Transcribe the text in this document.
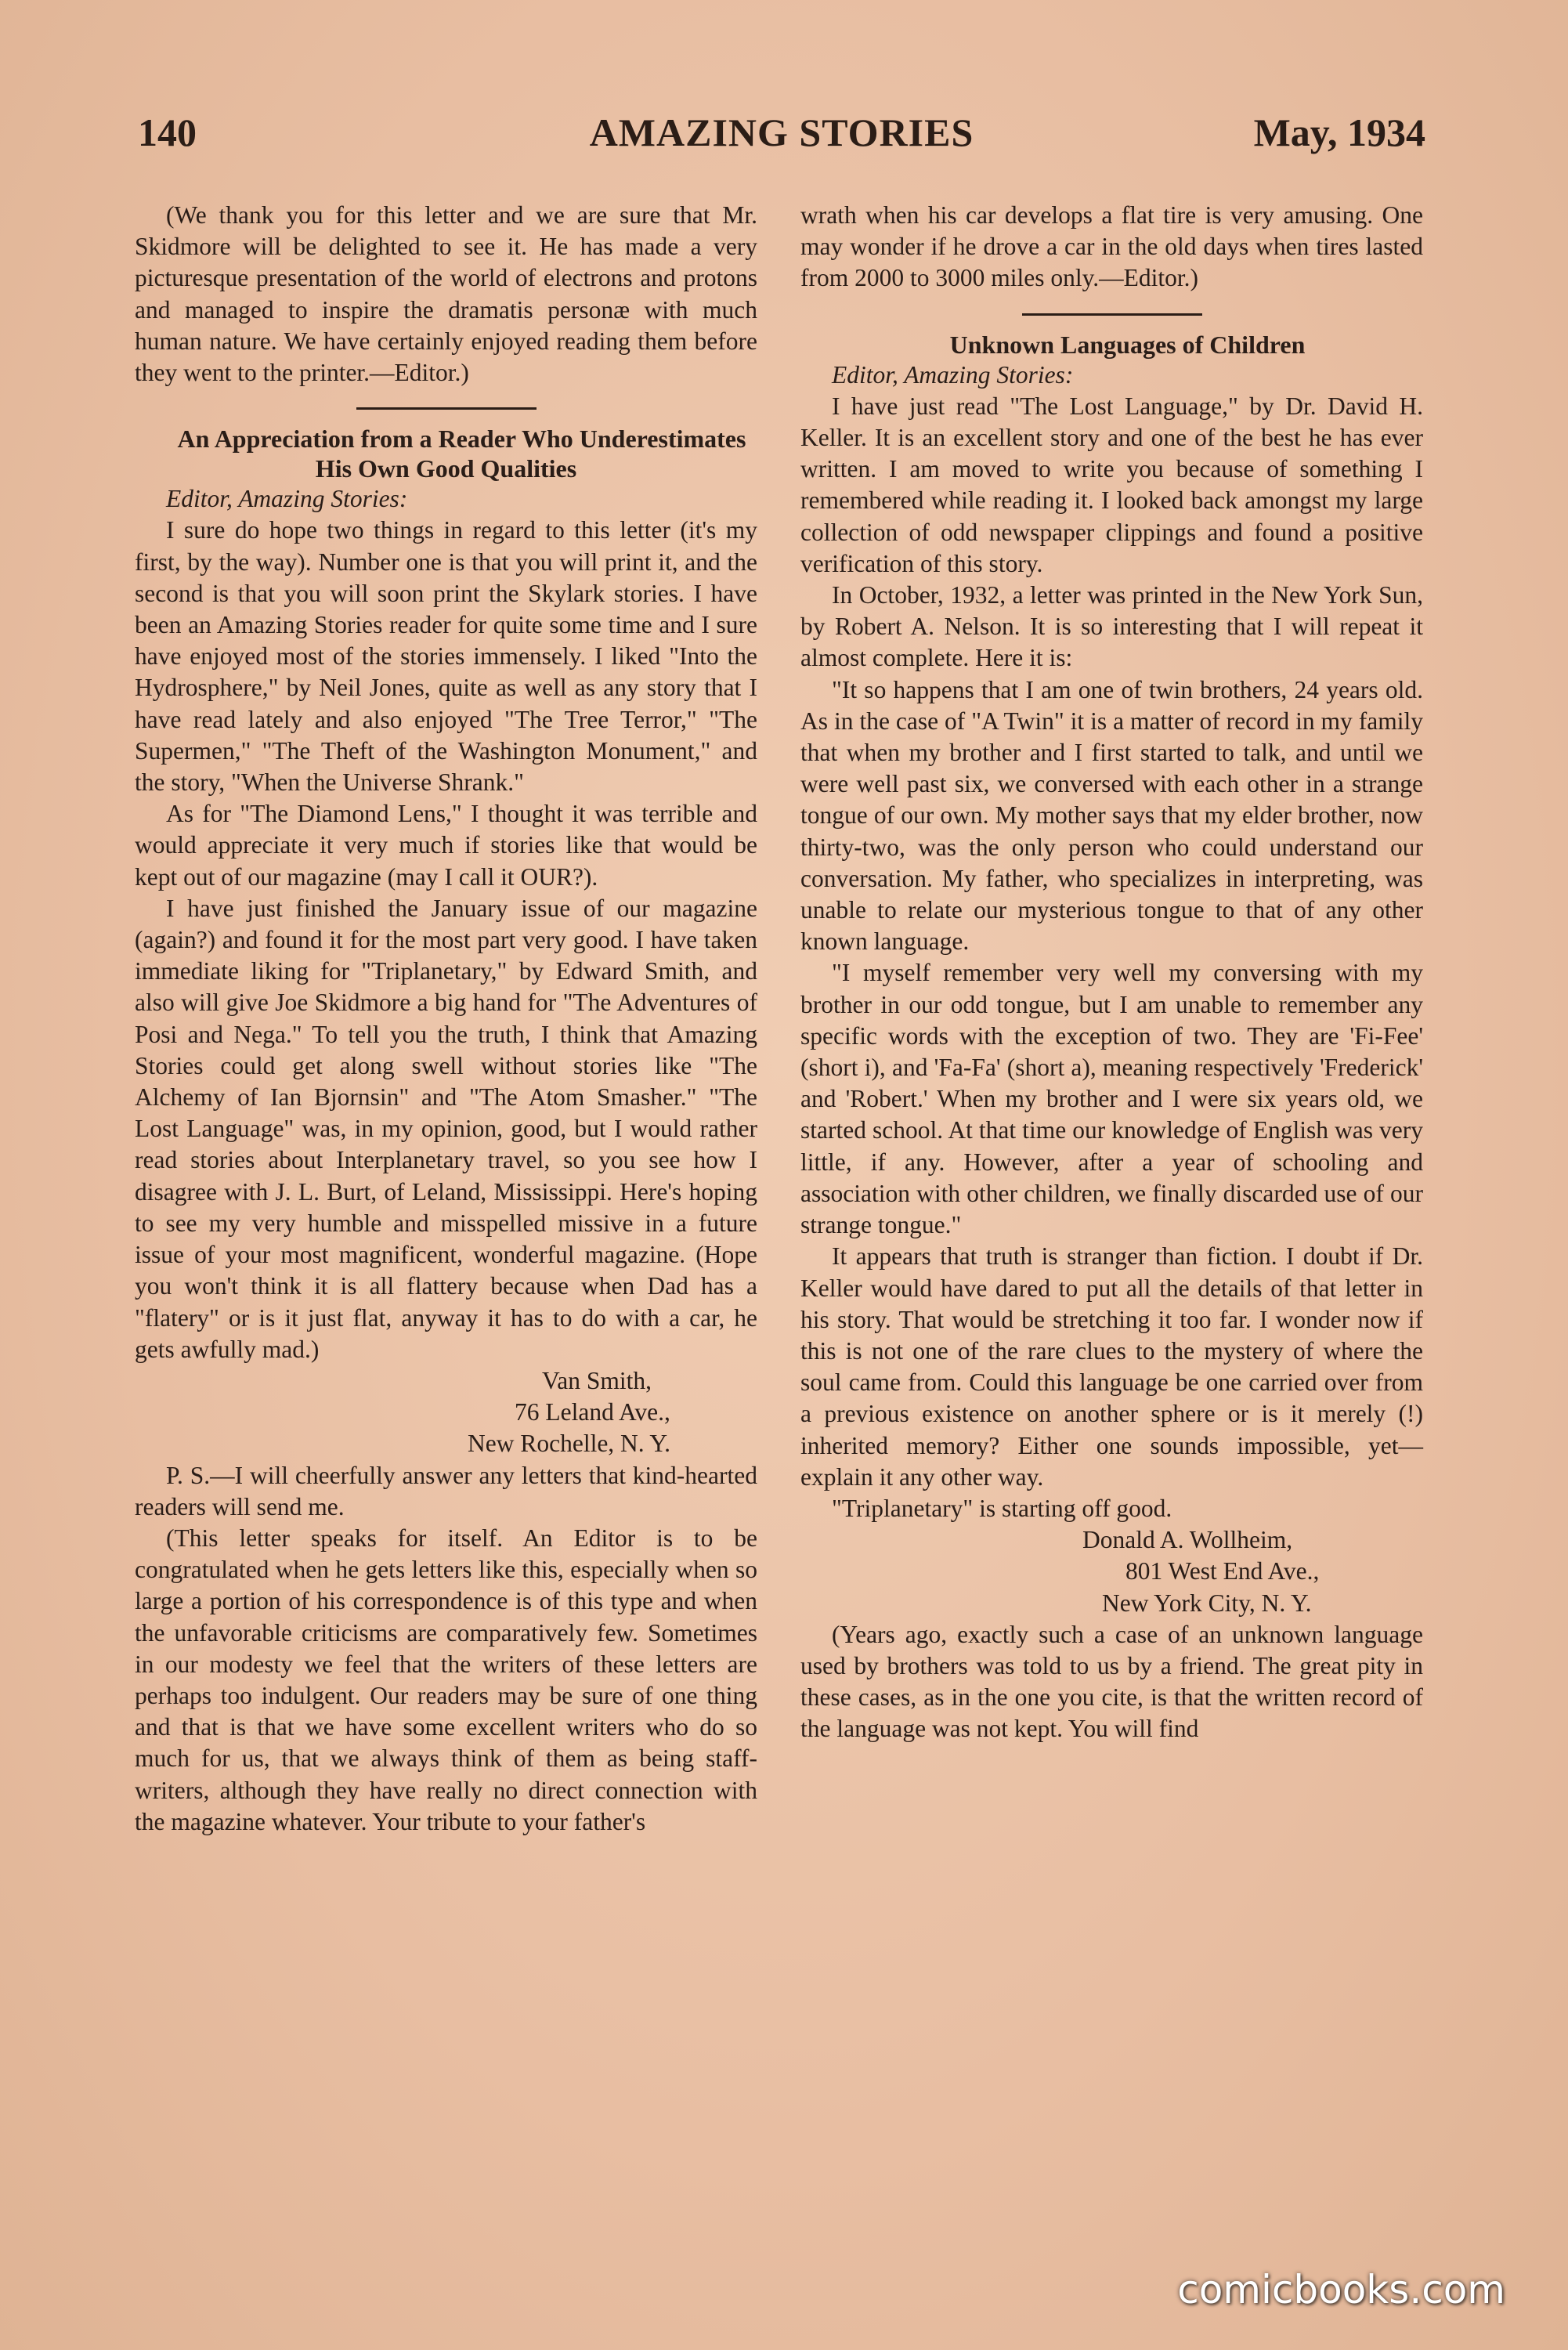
140	AMAZING STORIES	May, 1934

(We thank you for this letter and we are sure that Mr. Skidmore will be delighted to see it. He has made a very picturesque presentation of the world of electrons and protons and managed to inspire the dramatis personæ with much human nature. We have certainly enjoyed reading them before they went to the printer.—Editor.)

An Appreciation from a Reader Who Underestimates His Own Good Qualities

Editor, Amazing Stories:

I sure do hope two things in regard to this letter (it's my first, by the way). Number one is that you will print it, and the second is that you will soon print the Skylark stories. I have been an Amazing Stories reader for quite some time and I sure have enjoyed most of the stories immensely. I liked "Into the Hydrosphere," by Neil Jones, quite as well as any story that I have read lately and also enjoyed "The Tree Terror," "The Supermen," "The Theft of the Washington Monument," and the story, "When the Universe Shrank."

As for "The Diamond Lens," I thought it was terrible and would appreciate it very much if stories like that would be kept out of our magazine (may I call it OUR?).

I have just finished the January issue of our magazine (again?) and found it for the most part very good. I have taken immediate liking for "Triplanetary," by Edward Smith, and also will give Joe Skidmore a big hand for "The Adventures of Posi and Nega." To tell you the truth, I think that Amazing Stories could get along swell without stories like "The Alchemy of Ian Bjornsin" and "The Atom Smasher." "The Lost Language" was, in my opinion, good, but I would rather read stories about Interplanetary travel, so you see how I disagree with J. L. Burt, of Leland, Mississippi. Here's hoping to see my very humble and misspelled missive in a future issue of your most magnificent, wonderful magazine. (Hope you won't think it is all flattery because when Dad has a "flatery" or is it just flat, anyway it has to do with a car, he gets awfully mad.)

Van Smith,

76 Leland Ave.,

New Rochelle, N. Y.

P. S.—I will cheerfully answer any letters that kind-hearted readers will send me.

(This letter speaks for itself. An Editor is to be congratulated when he gets letters like this, especially when so large a portion of his correspondence is of this type and when the unfavorable criticisms are comparatively few. Sometimes in our modesty we feel that the writers of these letters are perhaps too indulgent. Our readers may be sure of one thing and that is that we have some excellent writers who do so much for us, that we always think of them as being staff-writers, although they have really no direct connection with the magazine whatever. Your tribute to your father's

wrath when his car develops a flat tire is very amusing. One may wonder if he drove a car in the old days when tires lasted from 2000 to 3000 miles only.—Editor.)

Unknown Languages of Children

Editor, Amazing Stories:

I have just read "The Lost Language," by Dr. David H. Keller. It is an excellent story and one of the best he has ever written. I am moved to write you because of something I remembered while reading it. I looked back amongst my large collection of odd newspaper clippings and found a positive verification of this story.

In October, 1932, a letter was printed in the New York Sun, by Robert A. Nelson. It is so interesting that I will repeat it almost complete. Here it is:

"It so happens that I am one of twin brothers, 24 years old. As in the case of "A Twin" it is a matter of record in my family that when my brother and I first started to talk, and until we were well past six, we conversed with each other in a strange tongue of our own. My mother says that my elder brother, now thirty-two, was the only person who could understand our conversation. My father, who specializes in interpreting, was unable to relate our mysterious tongue to that of any other known language.

"I myself remember very well my conversing with my brother in our odd tongue, but I am unable to remember any specific words with the exception of two. They are 'Fi-Fee' (short i), and 'Fa-Fa' (short a), meaning respectively 'Frederick' and 'Robert.' When my brother and I were six years old, we started school. At that time our knowledge of English was very little, if any. However, after a year of schooling and association with other children, we finally discarded use of our strange tongue."

It appears that truth is stranger than fiction. I doubt if Dr. Keller would have dared to put all the details of that letter in his story. That would be stretching it too far. I wonder now if this is not one of the rare clues to the mystery of where the soul came from. Could this language be one carried over from a previous existence on another sphere or is it merely (!) inherited memory? Either one sounds impossible, yet—explain it any other way.

"Triplanetary" is starting off good.

Donald A. Wollheim,

801 West End Ave.,

New York City, N. Y.

(Years ago, exactly such a case of an unknown language used by brothers was told to us by a friend. The great pity in these cases, as in the one you cite, is that the written record of the language was not kept. You will find

comicbooks.com
